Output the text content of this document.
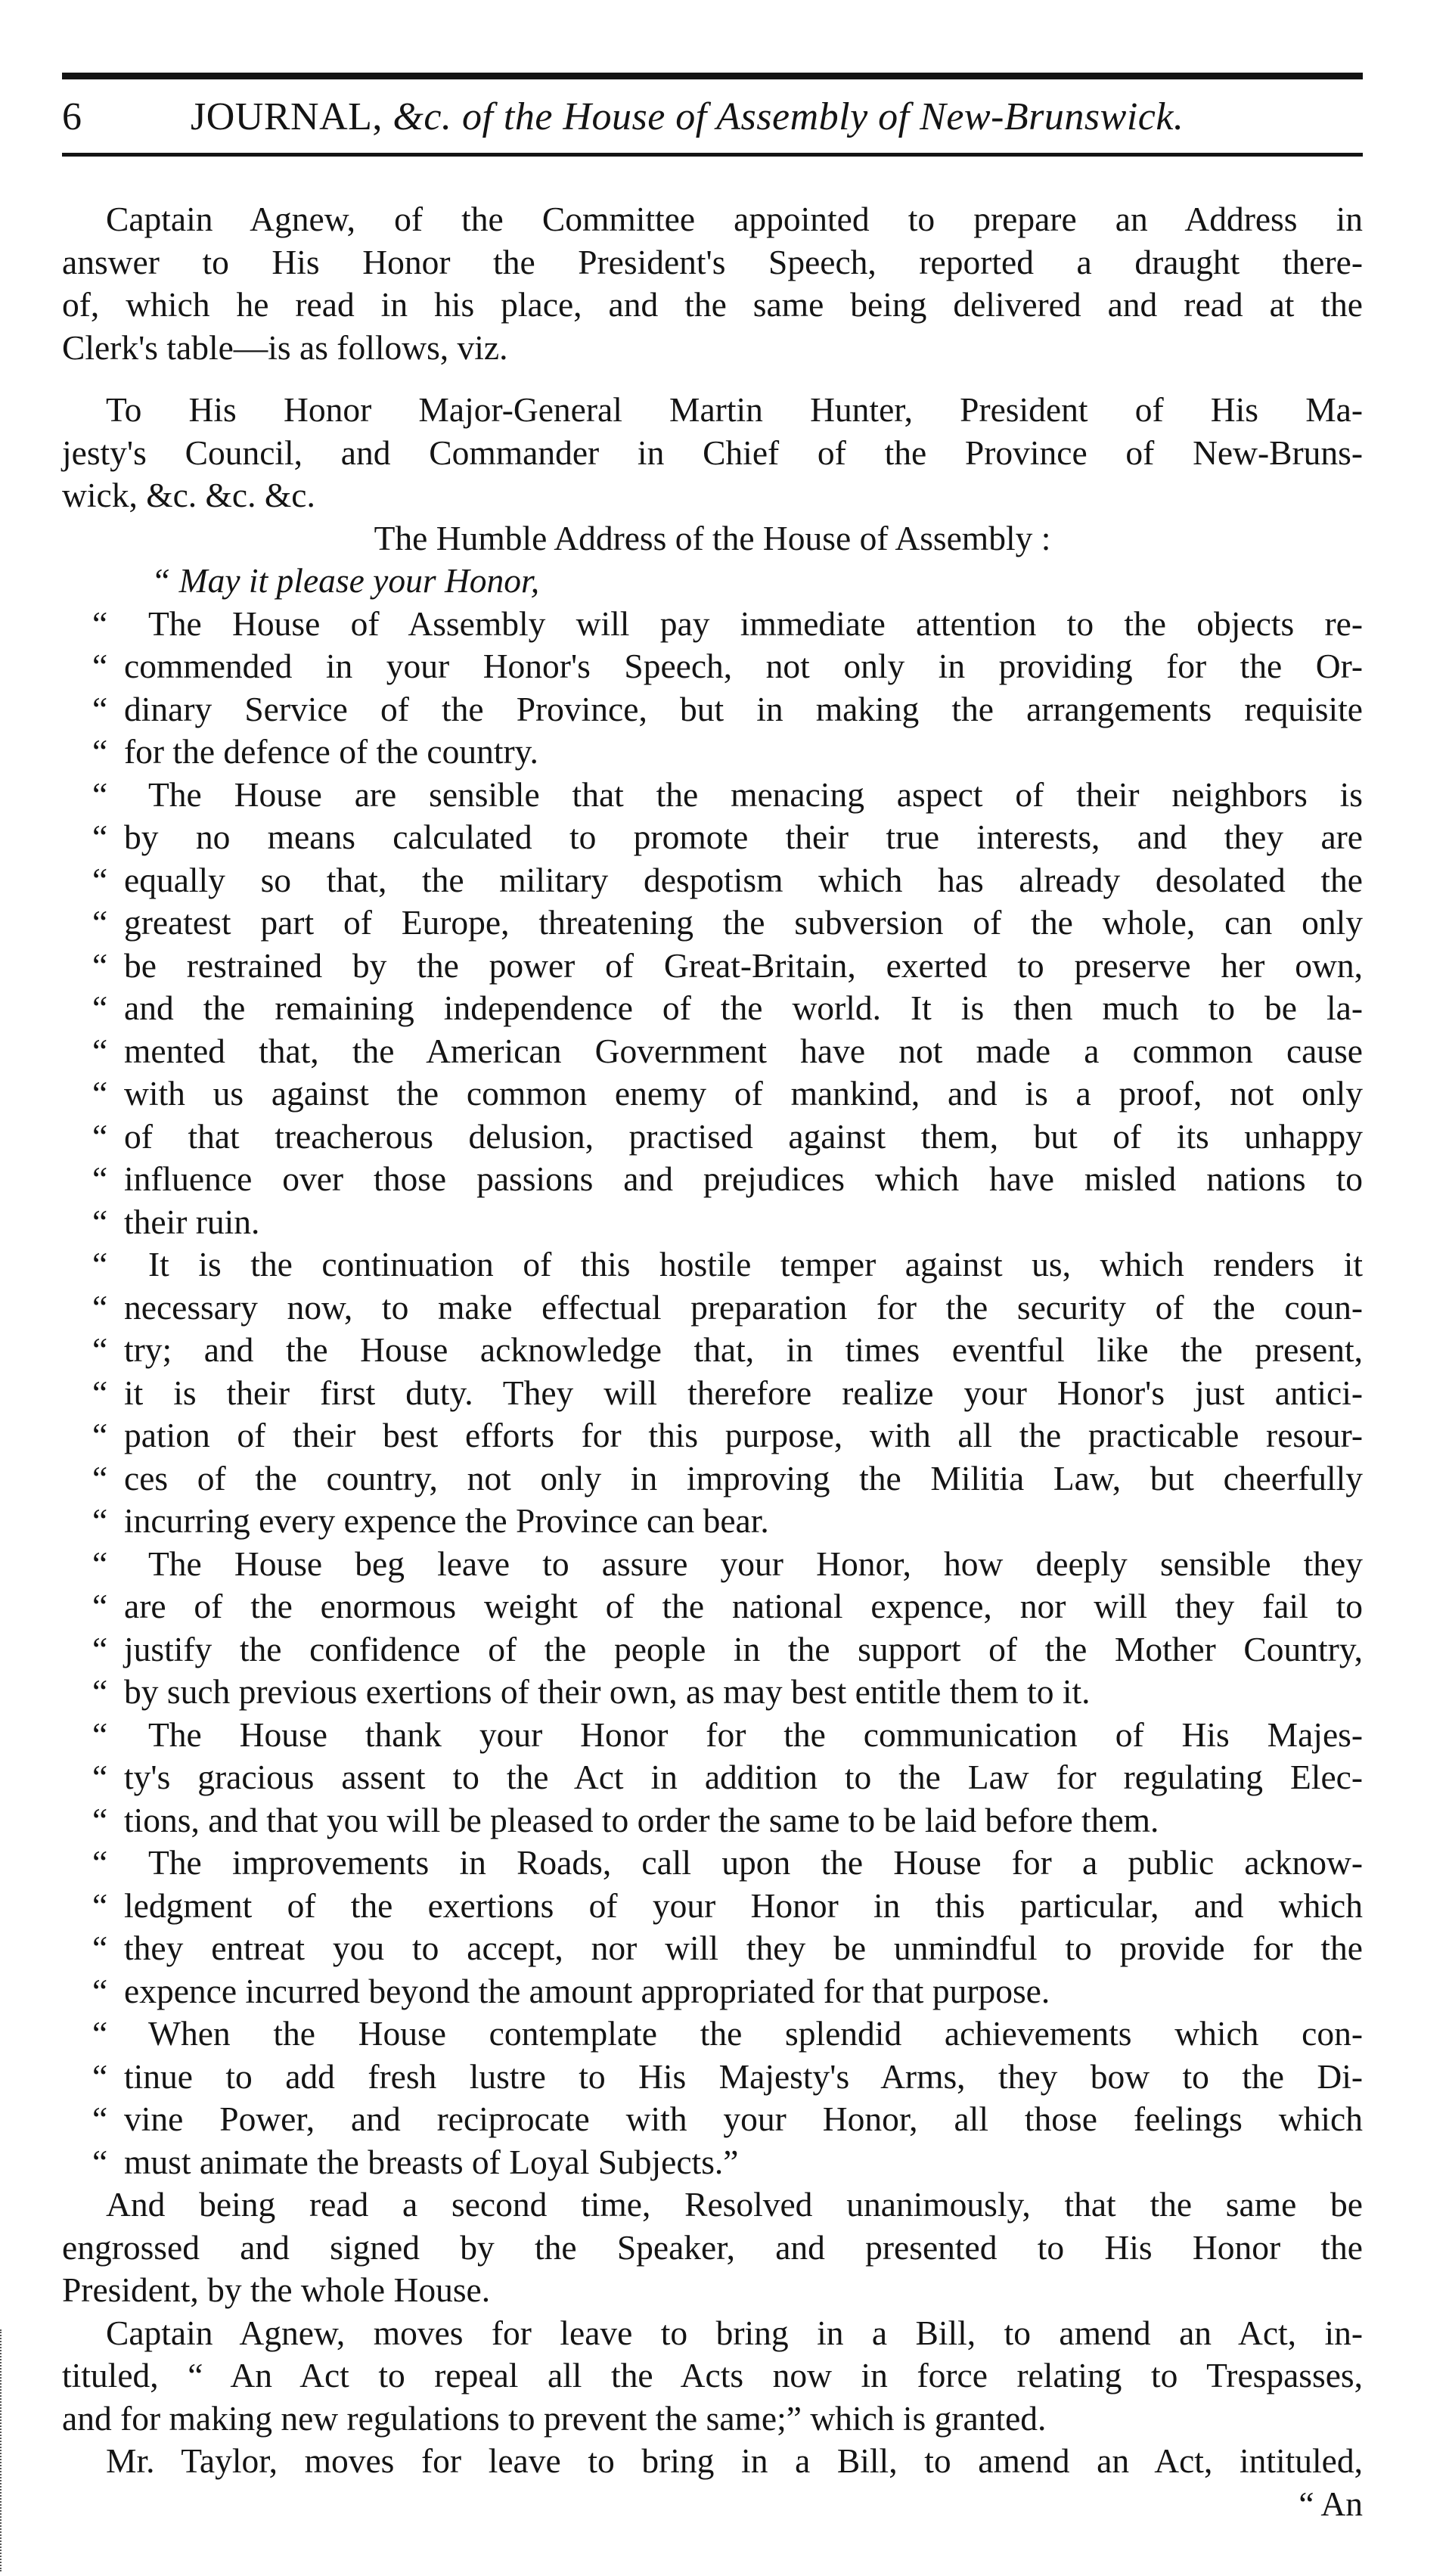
6	JOURNAL, &c. of the House of Assembly of New-Brunswick.
Captain Agnew, of the Committee appointed to prepare an Address in
answer to His Honor the President's Speech, reported a draught there-
of, which he read in his place, and the same being delivered and read at the
Clerk's table—is as follows, viz.
To His Honor Major-General Martin Hunter, President of His Ma-
jesty's Council, and Commander in Chief of the Province of New-Bruns-
wick, &c. &c. &c.
The Humble Address of the House of Assembly :
“ May it please your Honor,
“ The House of Assembly will pay immediate attention to the objects re-
“ commended in your Honor's Speech, not only in providing for the Or-
“ dinary Service of the Province, but in making the arrangements requisite
“ for the defence of the country.
“ The House are sensible that the menacing aspect of their neighbors is
“ by no means calculated to promote their true interests, and they are
“ equally so that, the military despotism which has already desolated the
“ greatest part of Europe, threatening the subversion of the whole, can only
“ be restrained by the power of Great-Britain, exerted to preserve her own,
“ and the remaining independence of the world. It is then much to be la-
“ mented that, the American Government have not made a common cause
“ with us against the common enemy of mankind, and is a proof, not only
“ of that treacherous delusion, practised against them, but of its unhappy
“ influence over those passions and prejudices which have misled nations to
“ their ruin.
“ It is the continuation of this hostile temper against us, which renders it
“ necessary now, to make effectual preparation for the security of the coun-
“ try; and the House acknowledge that, in times eventful like the present,
“ it is their first duty. They will therefore realize your Honor's just antici-
“ pation of their best efforts for this purpose, with all the practicable resour-
“ ces of the country, not only in improving the Militia Law, but cheerfully
“ incurring every expence the Province can bear.
“ The House beg leave to assure your Honor, how deeply sensible they
“ are of the enormous weight of the national expence, nor will they fail to
“ justify the confidence of the people in the support of the Mother Country,
“ by such previous exertions of their own, as may best entitle them to it.
“ The House thank your Honor for the communication of His Majes-
“ ty's gracious assent to the Act in addition to the Law for regulating Elec-
“ tions, and that you will be pleased to order the same to be laid before them.
“ The improvements in Roads, call upon the House for a public acknow-
“ ledgment of the exertions of your Honor in this particular, and which
“ they entreat you to accept, nor will they be unmindful to provide for the
“ expence incurred beyond the amount appropriated for that purpose.
“ When the House contemplate the splendid achievements which con-
“ tinue to add fresh lustre to His Majesty's Arms, they bow to the Di-
“ vine Power, and reciprocate with your Honor, all those feelings which
“ must animate the breasts of Loyal Subjects.”
And being read a second time, Resolved unanimously, that the same be
engrossed and signed by the Speaker, and presented to His Honor the
President, by the whole House.
Captain Agnew, moves for leave to bring in a Bill, to amend an Act, in-
tituled, “ An Act to repeal all the Acts now in force relating to Trespasses,
and for making new regulations to prevent the same;” which is granted.
Mr. Taylor, moves for leave to bring in a Bill, to amend an Act, intituled,
“ An
